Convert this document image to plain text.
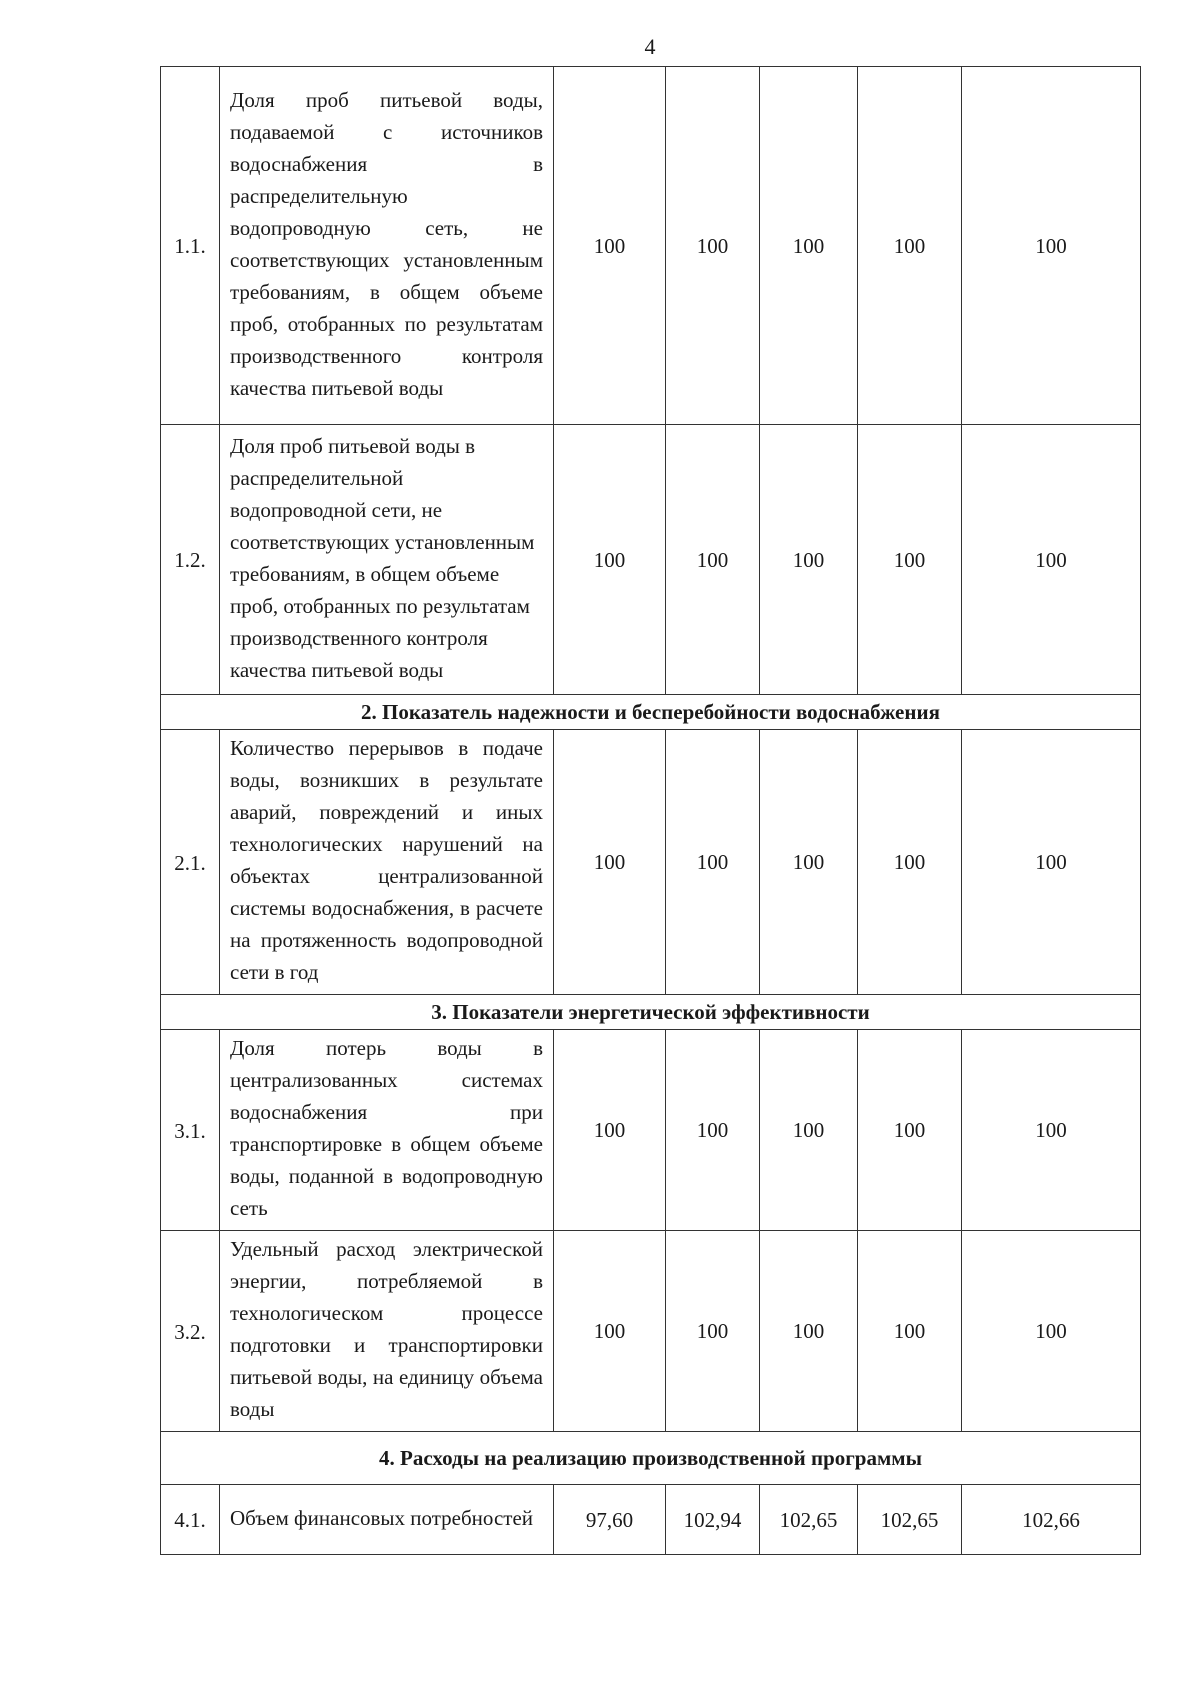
4
1.1.	Доля проб питьевой воды, подаваемой с источников водоснабжения в распределительную водопроводную сеть, не соответствующих установленным требованиям, в общем объеме проб, отобранных по результатам производственного контроля качества питьевой воды	100	100	100	100	100
1.2.	Доля проб питьевой воды в распределительной водопроводной сети, не соответствующих установленным требованиям, в общем объеме проб, отобранных по результатам производственного контроля качества питьевой воды	100	100	100	100	100
2. Показатель надежности и бесперебойности водоснабжения						
2.1.	Количество перерывов в подаче воды, возникших в результате аварий, повреждений и иных технологических нарушений на объектах централизованной системы водоснабжения, в расчете на протяженность водопроводной сети в год	100	100	100	100	100
3. Показатели энергетической эффективности						
3.1.	Доля потерь воды в централизованных системах водоснабжения при транспортировке в общем объеме воды, поданной в водопроводную сеть	100	100	100	100	100
3.2.	Удельный расход электрической энергии, потребляемой в технологическом процессе подготовки и транспортировки питьевой воды, на единицу объема воды	100	100	100	100	100
4. Расходы на реализацию производственной программы						
4.1.	Объем финансовых потребностей	97,60	102,94	102,65	102,65	102,66
